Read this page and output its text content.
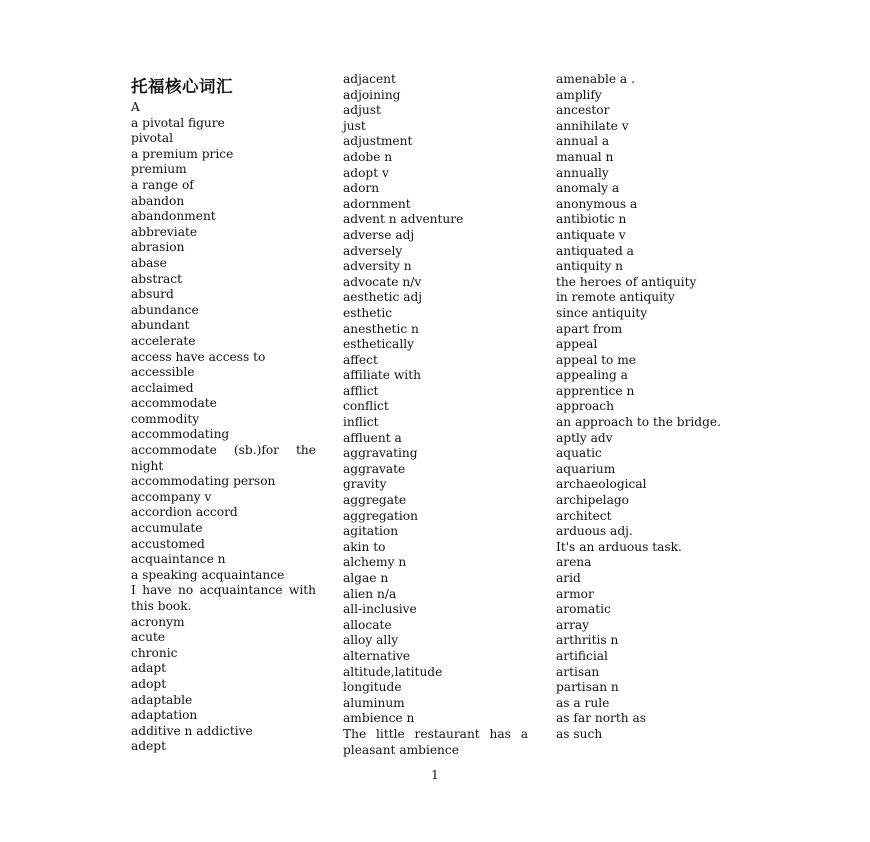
托福核心词汇
A
a pivotal figure
pivotal
a premium price
premium
a range of
abandon
abandonment
abbreviate
abrasion
abase
abstract
absurd
abundance
abundant
accelerate
access have access to
accessible
acclaimed
accommodate
commodity
accommodating
accommodate (sb.)for the night
accommodating person
accompany v
accordion accord
accumulate
accustomed
acquaintance n
a speaking acquaintance
I have no acquaintance with this book.
acronym
acute
chronic
adapt
adopt
adaptable
adaptation
additive n addictive
adept
adjacent
adjoining
adjust
just
adjustment
adobe n
adopt v
adorn
adornment
advent n adventure
adverse adj
adversely
adversity n
advocate n/v
aesthetic adj
esthetic
anesthetic n
esthetically
affect
affiliate with
afflict
conflict
inflict
affluent a
aggravating
aggravate
gravity
aggregate
aggregation
agitation
akin to
alchemy n
algae n
alien n/a
all-inclusive
allocate
alloy ally
alternative
altitude,latitude
longitude
aluminum
ambience n
The little restaurant has a pleasant ambience
amenable a .
amplify
ancestor
annihilate v
annual a
manual n
annually
anomaly a
anonymous a
antibiotic n
antiquate v
antiquated a
antiquity n
the heroes of antiquity
in remote antiquity
since antiquity
apart from
appeal
appeal to me
appealing a
apprentice n
approach
an approach to the bridge.
aptly adv
aquatic
aquarium
archaeological
archipelago
architect
arduous adj.
It's an arduous task.
arena
arid
armor
aromatic
array
arthritis n
artificial
artisan
partisan n
as a rule
as far north as
as such
1
